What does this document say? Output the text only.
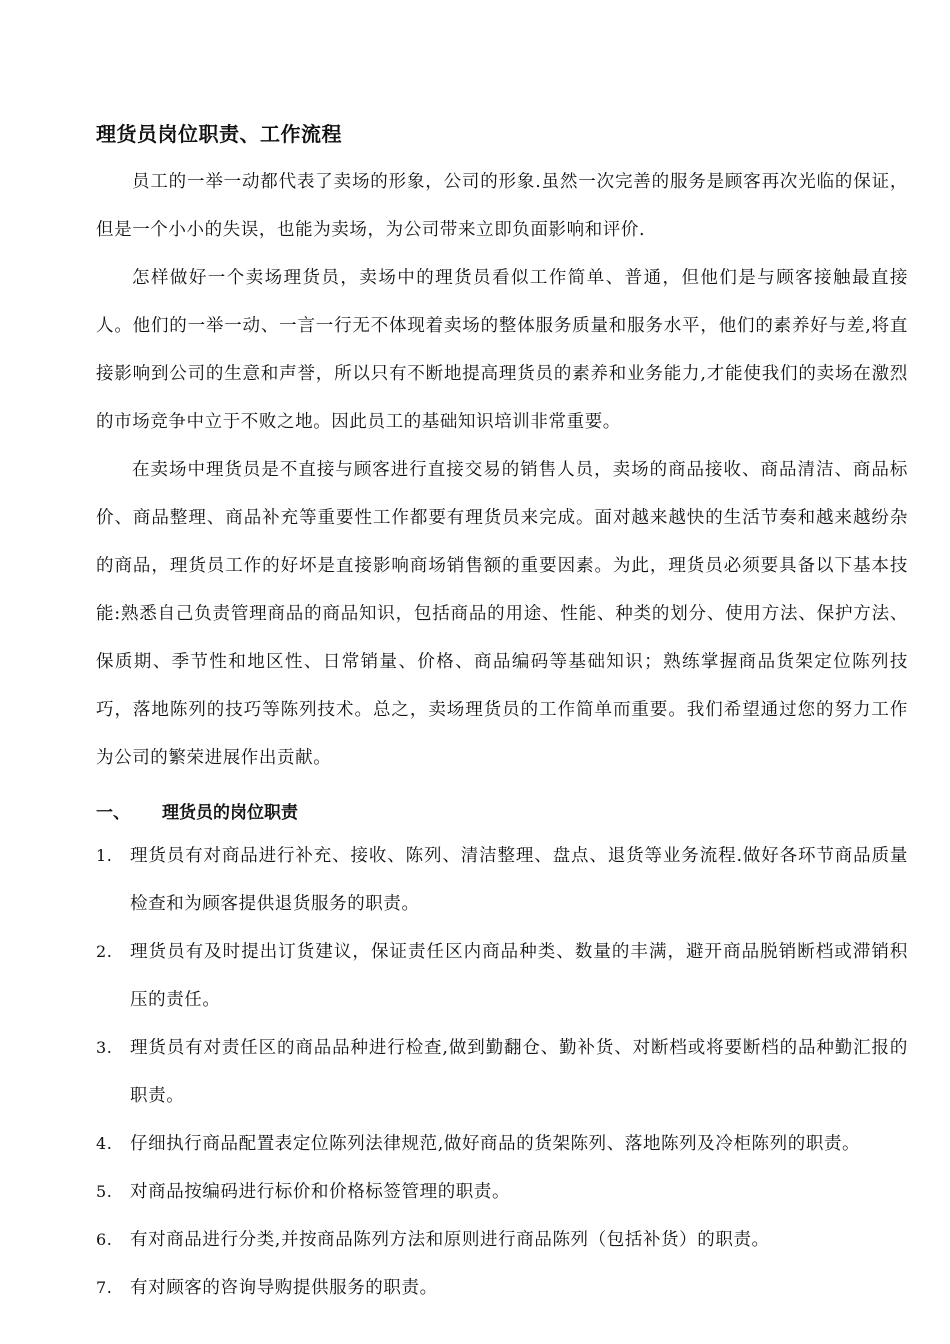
理货员岗位职责、工作流程

员工的一举一动都代表了卖场的形象，公司的形象.虽然一次完善的服务是顾客再次光临的保证，但是一个小小的失误，也能为卖场，为公司带来立即负面影响和评价.

怎样做好一个卖场理货员，卖场中的理货员看似工作简单、普通，但他们是与顾客接触最直接人。他们的一举一动、一言一行无不体现着卖场的整体服务质量和服务水平，他们的素养好与差,将直接影响到公司的生意和声誉，所以只有不断地提高理货员的素养和业务能力,才能使我们的卖场在激烈的市场竞争中立于不败之地。因此员工的基础知识培训非常重要。

在卖场中理货员是不直接与顾客进行直接交易的销售人员，卖场的商品接收、商品清洁、商品标价、商品整理、商品补充等重要性工作都要有理货员来完成。面对越来越快的生活节奏和越来越纷杂的商品，理货员工作的好坏是直接影响商场销售额的重要因素。为此，理货员必须要具备以下基本技能:熟悉自己负责管理商品的商品知识，包括商品的用途、性能、种类的划分、使用方法、保护方法、保质期、季节性和地区性、日常销量、价格、商品编码等基础知识；熟练掌握商品货架定位陈列技巧，落地陈列的技巧等陈列技术。总之，卖场理货员的工作简单而重要。我们希望通过您的努力工作为公司的繁荣进展作出贡献。

一、 理货员的岗位职责
1.	理货员有对商品进行补充、接收、陈列、清洁整理、盘点、退货等业务流程.做好各环节商品质量检查和为顾客提供退货服务的职责。
2.	理货员有及时提出订货建议，保证责任区内商品种类、数量的丰满，避开商品脱销断档或滞销积压的责任。
3.	理货员有对责任区的商品品种进行检查,做到勤翻仓、勤补货、对断档或将要断档的品种勤汇报的职责。
4.	仔细执行商品配置表定位陈列法律规范,做好商品的货架陈列、落地陈列及冷柜陈列的职责。
5.	对商品按编码进行标价和价格标签管理的职责。
6.	有对商品进行分类,并按商品陈列方法和原则进行商品陈列（包括补货）的职责。
7.	有对顾客的咨询导购提供服务的职责。
